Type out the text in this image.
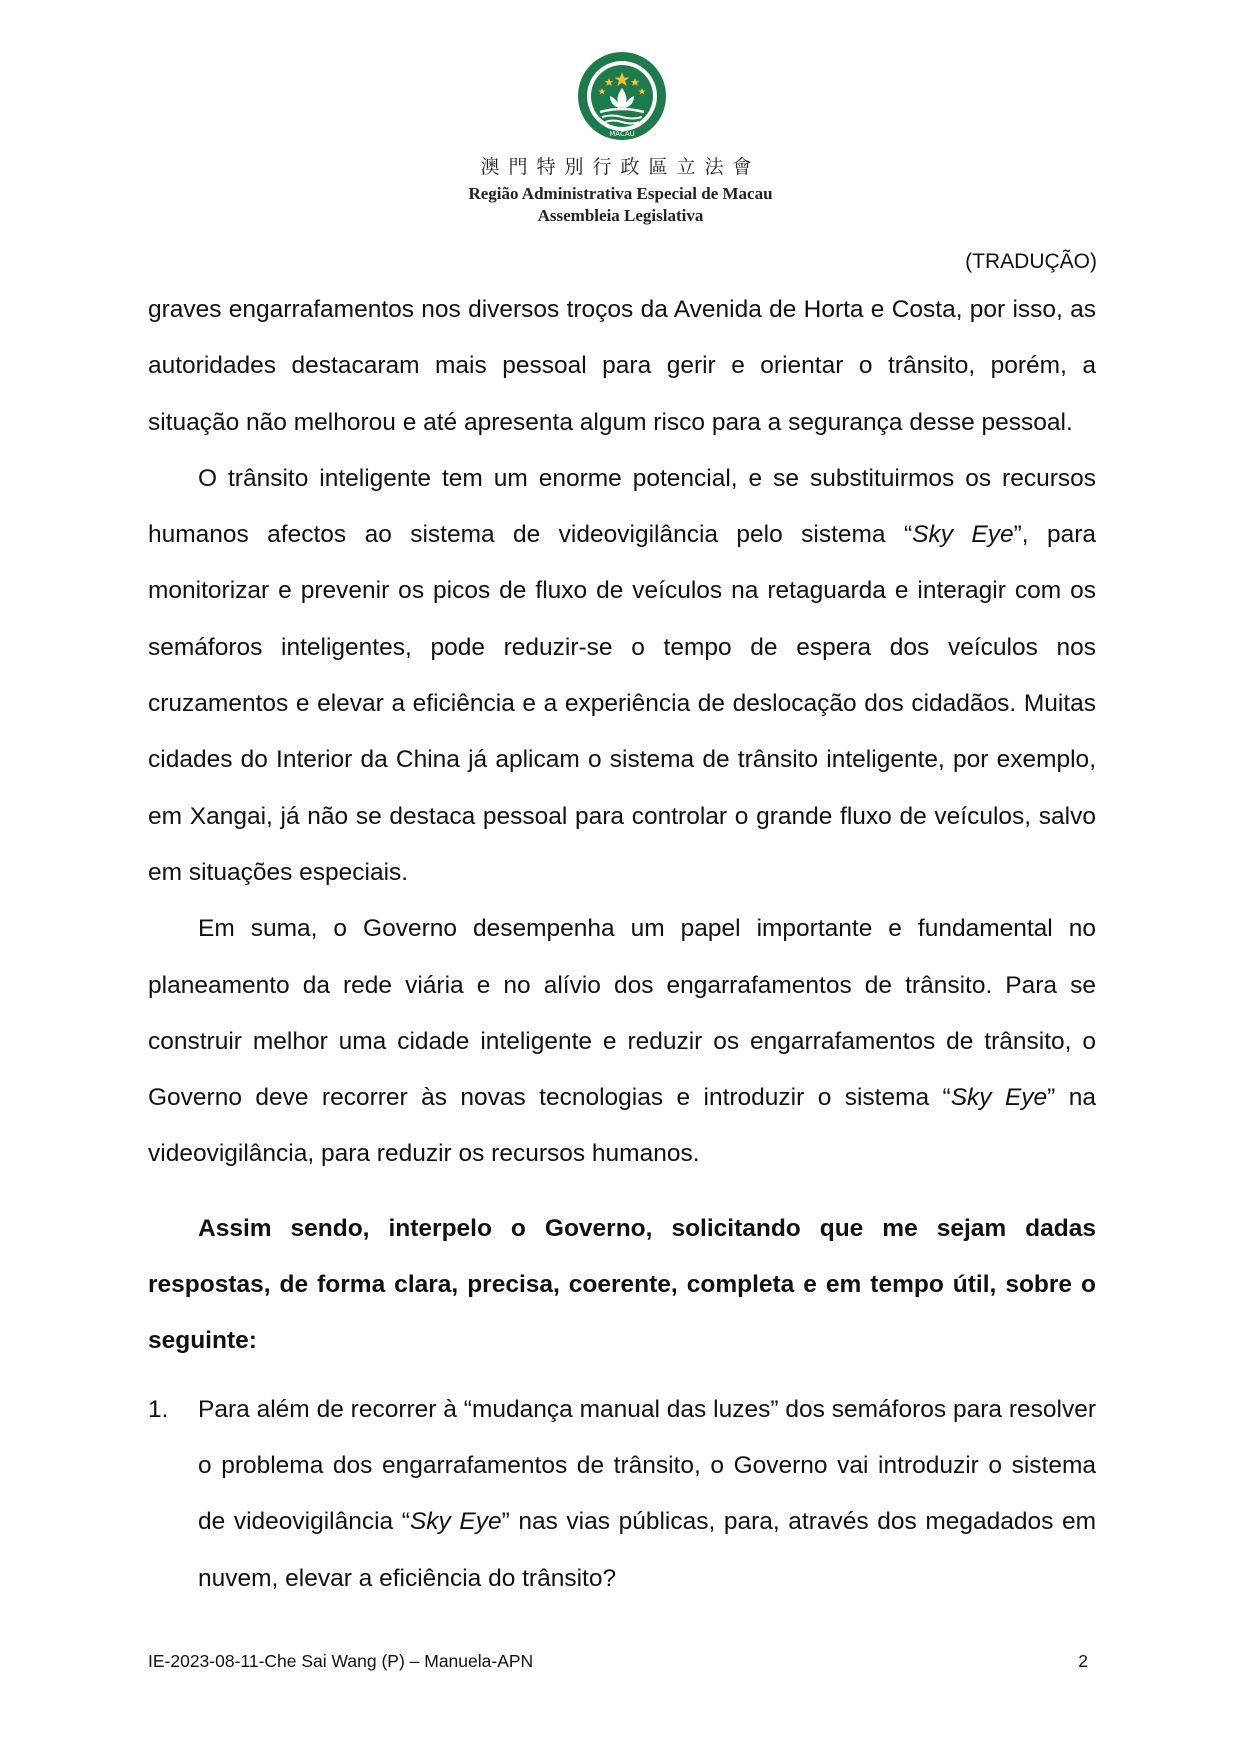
MACAU
澳門特別行政區立法會
Região Administrativa Especial de Macau
Assembleia Legislativa
(TRADUÇÃO)

graves engarrafamentos nos diversos troços da Avenida de Horta e Costa, por isso, as autoridades destacaram mais pessoal para gerir e orientar o trânsito, porém, a situação não melhorou e até apresenta algum risco para a segurança desse pessoal.

O trânsito inteligente tem um enorme potencial, e se substituirmos os recursos humanos afectos ao sistema de videovigilância pelo sistema “Sky Eye”, para monitorizar e prevenir os picos de fluxo de veículos na retaguarda e interagir com os semáforos inteligentes, pode reduzir-se o tempo de espera dos veículos nos cruzamentos e elevar a eficiência e a experiência de deslocação dos cidadãos. Muitas cidades do Interior da China já aplicam o sistema de trânsito inteligente, por exemplo, em Xangai, já não se destaca pessoal para controlar o grande fluxo de veículos, salvo em situações especiais.

Em suma, o Governo desempenha um papel importante e fundamental no planeamento da rede viária e no alívio dos engarrafamentos de trânsito. Para se construir melhor uma cidade inteligente e reduzir os engarrafamentos de trânsito, o Governo deve recorrer às novas tecnologias e introduzir o sistema “Sky Eye” na videovigilância, para reduzir os recursos humanos.

Assim sendo, interpelo o Governo, solicitando que me sejam dadas respostas, de forma clara, precisa, coerente, completa e em tempo útil, sobre o seguinte:

1. Para além de recorrer à “mudança manual das luzes” dos semáforos para resolver o problema dos engarrafamentos de trânsito, o Governo vai introduzir o sistema de videovigilância “Sky Eye” nas vias públicas, para, através dos megadados em nuvem, elevar a eficiência do trânsito?

IE-2023-08-11-Che Sai Wang (P) – Manuela-APN	2
